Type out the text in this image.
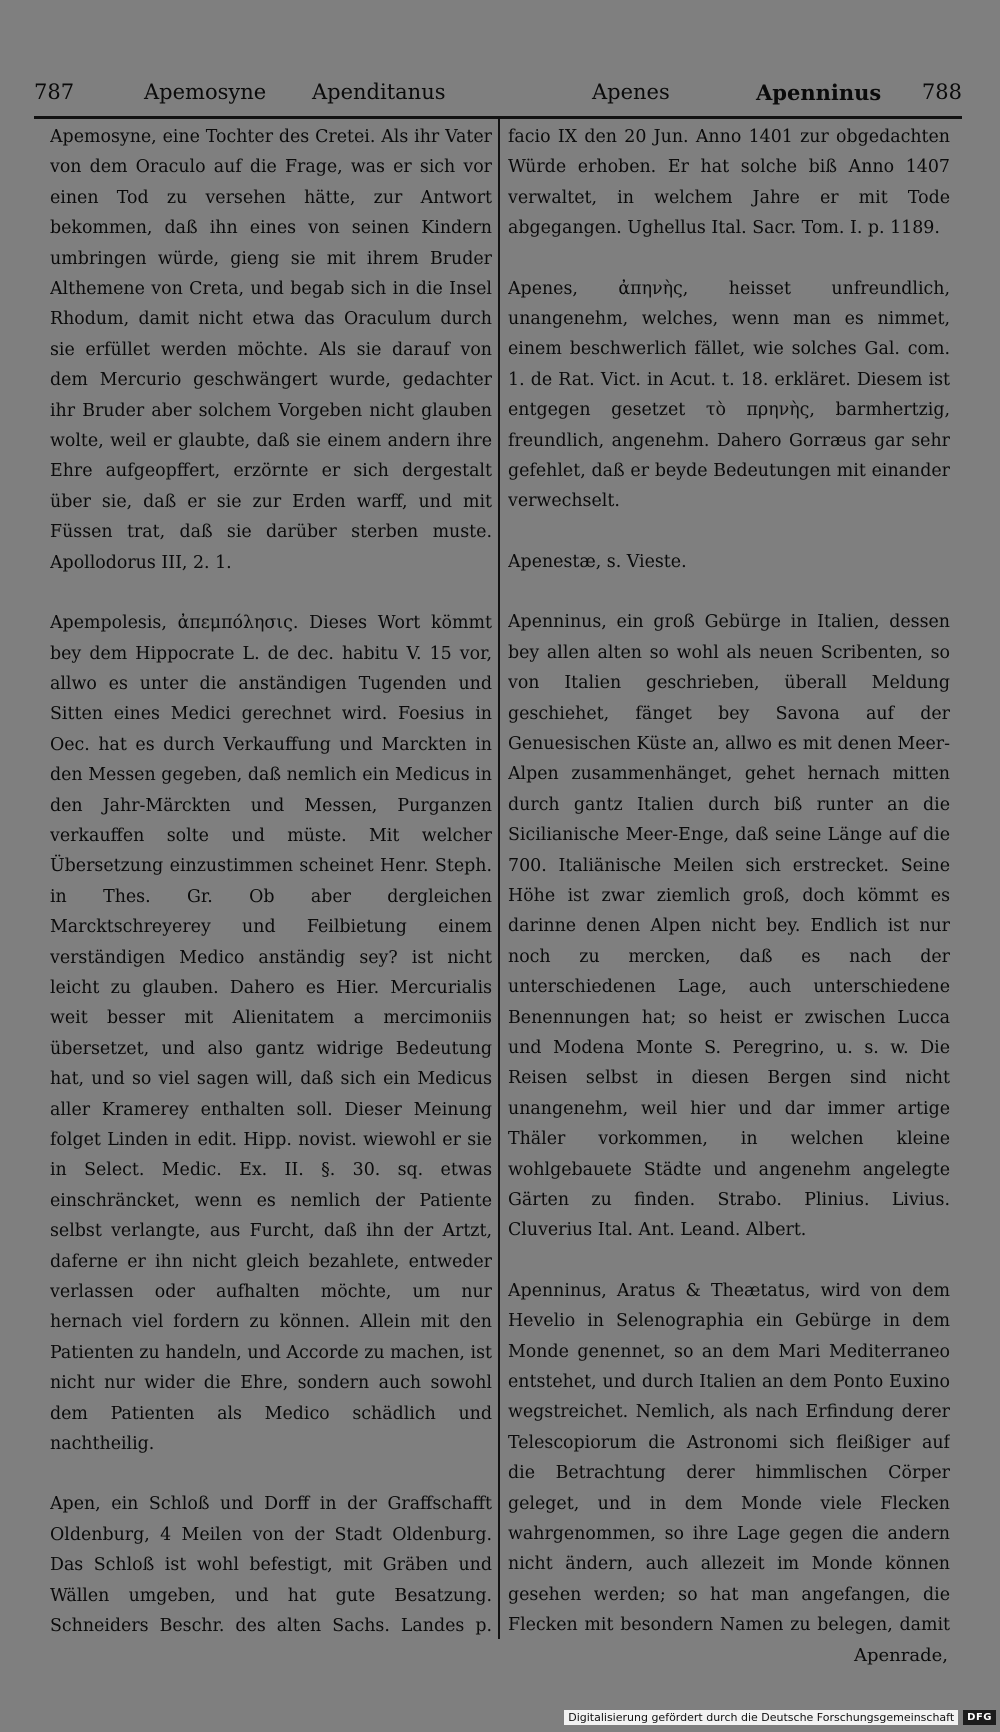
787	Apemosyne Apenditanus	Apenes	Apenninus 788

Apemosyne, eine Tochter des Cretei. Als ihr Vater von dem Oraculo auf die Frage, was er sich vor einen Tod zu versehen hätte, zur Antwort bekommen, daß ihn eines von seinen Kindern umbringen würde, gieng sie mit ihrem Bruder Althemene von Creta, und begab sich in die Insel Rhodum, damit nicht etwa das Oraculum durch sie erfüllet werden möchte. Als sie darauf von dem Mercurio geschwängert wurde, gedachter ihr Bruder aber solchem Vorgeben nicht glauben wolte, weil er glaubte, daß sie einem andern ihre Ehre aufgeopffert, erzörnte er sich dergestalt über sie, daß er sie zur Erden warff, und mit Füssen trat, daß sie darüber sterben muste. Apollodorus III, 2. 1.

Apempolesis, ἀπεμπόλησις. Dieses Wort kömmt bey dem Hippocrate L. de dec. habitu V. 15 vor, allwo es unter die anständigen Tugenden und Sitten eines Medici gerechnet wird. Foesius in Oec. hat es durch Verkauffung und Marckten in den Messen gegeben, daß nemlich ein Medicus in den Jahr-Märckten und Messen, Purganzen verkauffen solte und müste. Mit welcher Übersetzung einzustimmen scheinet Henr. Steph. in Thes. Gr. Ob aber dergleichen Marcktschreyerey und Feilbietung einem verständigen Medico anständig sey? ist nicht leicht zu glauben. Dahero es Hier. Mercurialis weit besser mit Alienitatem a mercimoniis übersetzet, und also gantz widrige Bedeutung hat, und so viel sagen will, daß sich ein Medicus aller Kramerey enthalten soll. Dieser Meinung folget Linden in edit. Hipp. novist. wiewohl er sie in Select. Medic. Ex. II. §. 30. sq. etwas einschräncket, wenn es nemlich der Patiente selbst verlangte, aus Furcht, daß ihn der Artzt, daferne er ihn nicht gleich bezahlete, entweder verlassen oder aufhalten möchte, um nur hernach viel fordern zu können. Allein mit den Patienten zu handeln, und Accorde zu machen, ist nicht nur wider die Ehre, sondern auch sowohl dem Patienten als Medico schädlich und nachtheilig.

Apen, ein Schloß und Dorff in der Graffschafft Oldenburg, 4 Meilen von der Stadt Oldenburg. Das Schloß ist wohl befestigt, mit Gräben und Wällen umgeben, und hat gute Besatzung. Schneiders Beschr. des alten Sachs. Landes p.

facio IX den 20 Jun. Anno 1401 zur obgedachten Würde erhoben. Er hat solche biß Anno 1407 verwaltet, in welchem Jahre er mit Tode abgegangen. Ughellus Ital. Sacr. Tom. I. p. 1189.

Apenes, ἀπηνὴς, heisset unfreundlich, unangenehm, welches, wenn man es nimmet, einem beschwerlich fället, wie solches Gal. com. 1. de Rat. Vict. in Acut. t. 18. erkläret. Diesem ist entgegen gesetzet τὸ πρηνὴς, barmhertzig, freundlich, angenehm. Dahero Gorræus gar sehr gefehlet, daß er beyde Bedeutungen mit einander verwechselt.

Apenestæ, s. Vieste.

Apenninus, ein groß Gebürge in Italien, dessen bey allen alten so wohl als neuen Scribenten, so von Italien geschrieben, überall Meldung geschiehet, fänget bey Savona auf der Genuesischen Küste an, allwo es mit denen Meer-Alpen zusammenhänget, gehet hernach mitten durch gantz Italien durch biß runter an die Sicilianische Meer-Enge, daß seine Länge auf die 700. Italiänische Meilen sich erstrecket. Seine Höhe ist zwar ziemlich groß, doch kömmt es darinne denen Alpen nicht bey. Endlich ist nur noch zu mercken, daß es nach der unterschiedenen Lage, auch unterschiedene Benennungen hat; so heist er zwischen Lucca und Modena Monte S. Peregrino, u. s. w. Die Reisen selbst in diesen Bergen sind nicht unangenehm, weil hier und dar immer artige Thäler vorkommen, in welchen kleine wohlgebauete Städte und angenehm angelegte Gärten zu finden. Strabo. Plinius. Livius. Cluverius Ital. Ant. Leand. Albert.

Apenninus, Aratus & Theætatus, wird von dem Hevelio in Selenographia ein Gebürge in dem Monde genennet, so an dem Mari Mediterraneo entstehet, und durch Italien an dem Ponto Euxino wegstreichet. Nemlich, als nach Erfindung derer Telescopiorum die Astronomi sich fleißiger auf die Betrachtung derer himmlischen Cörper geleget, und in dem Monde viele Flecken wahrgenommen, so ihre Lage gegen die andern nicht ändern, auch allezeit im Monde können gesehen werden; so hat man angefangen, die Flecken mit besondern Namen zu belegen, damit

Apenrade,
Digitalisierung gefördert durch die Deutsche Forschungsgemeinschaft	DFG
